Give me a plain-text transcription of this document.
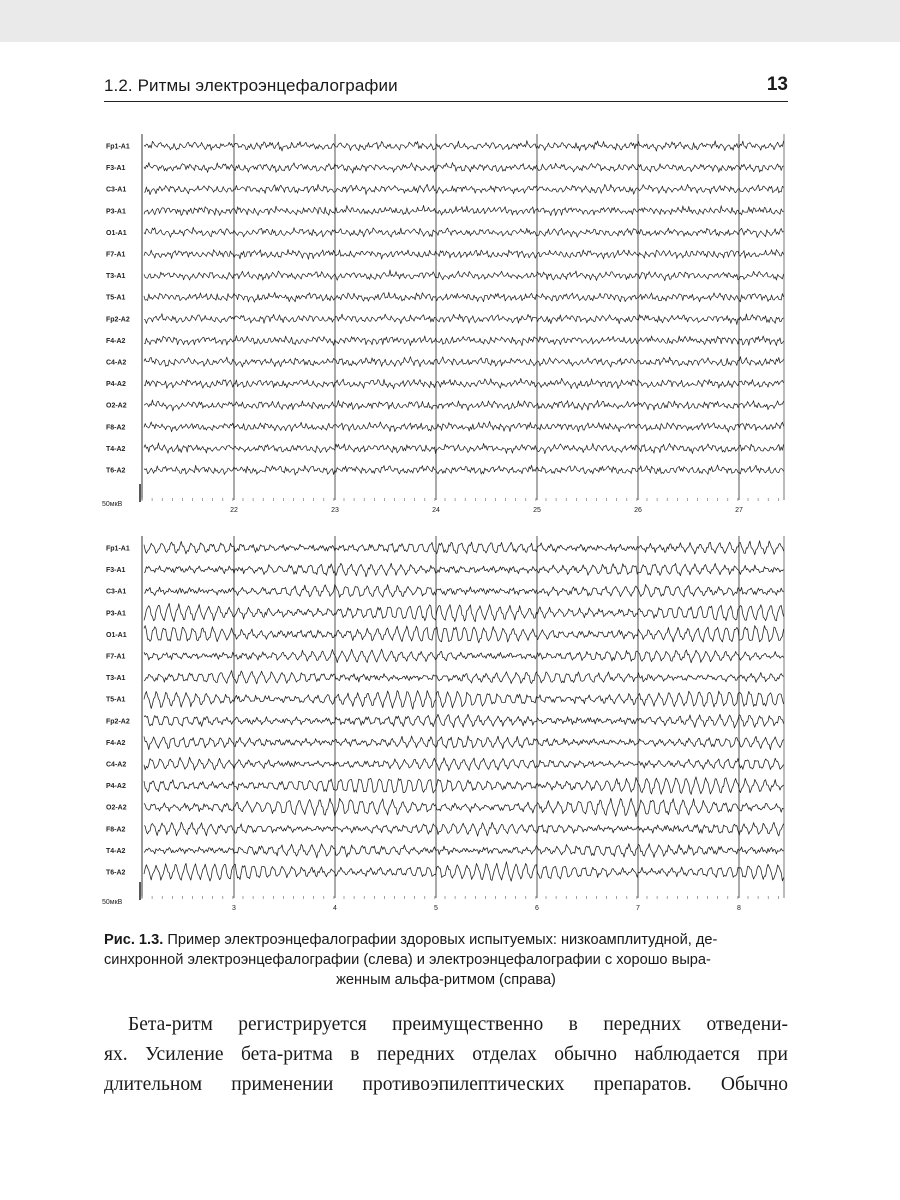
1.2. Ритмы электроэнцефалографии	13
22	23	24	25	26	27
50мкВ
Fp1-A1
F3-A1
C3-A1
P3-A1
O1-A1
F7-A1
T3-A1
T5-A1
Fp2-A2
F4-A2
C4-A2
P4-A2
O2-A2
F8-A2
T4-A2
T6-A2
3	4	5	6	7	8
50мкВ
Fp1-A1
F3-A1
C3-A1
P3-A1
O1-A1
F7-A1
T3-A1
T5-A1
Fp2-A2
F4-A2
C4-A2
P4-A2
O2-A2
F8-A2
T4-A2
T6-A2
Рис. 1.3. Пример электроэнцефалографии здоровых испытуемых: низкоамплитудной, де-
синхронной электроэнцефалографии (слева) и электроэнцефалографии с хорошо выра-
женным альфа-ритмом (справа)
Бета-ритм регистрируется преимущественно в передних отведени-
ях. Усиление бета-ритма в передних отделах обычно наблюдается при
длительном применении противоэпилептических препаратов. Обычно
